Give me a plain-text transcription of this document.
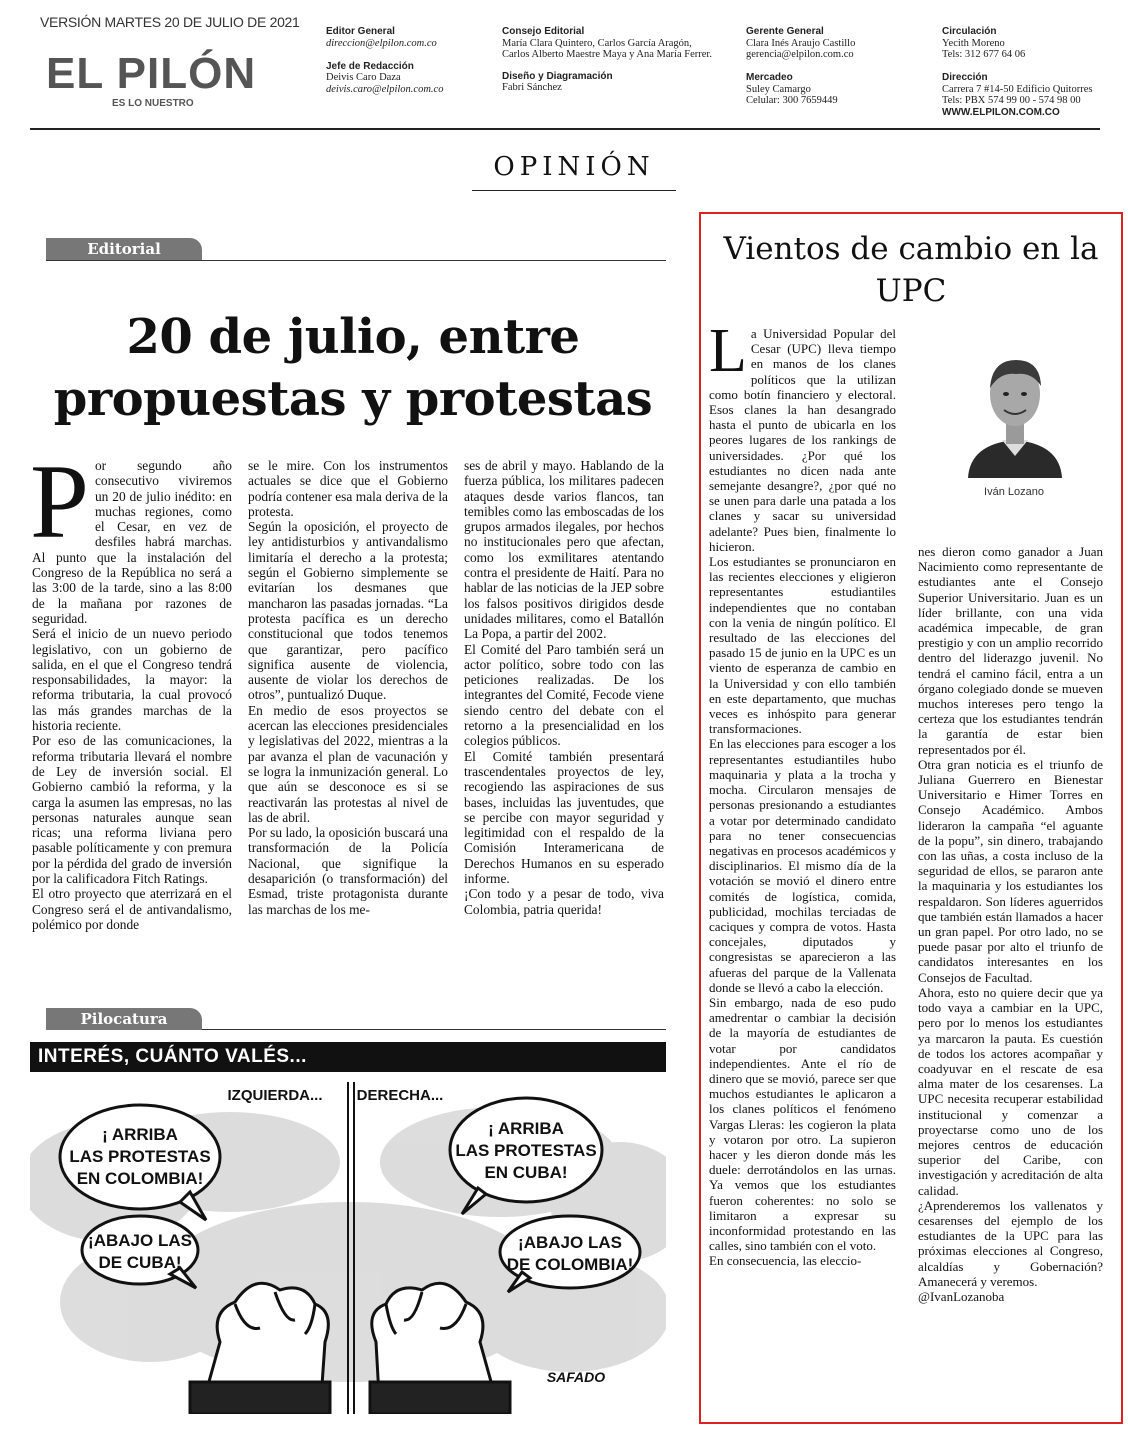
VERSIÓN MARTES 20 DE JULIO DE 2021
EL PILÓN
ES LO NUESTRO
Editor General
direccion@elpilon.com.co

Jefe de Redacción
Deivis Caro Daza
deivis.caro@elpilon.com.co
Consejo Editorial
María Clara Quintero, Carlos García Aragón, Carlos Alberto Maestre Maya y Ana María Ferrer.

Diseño y Diagramación
Fabri Sánchez
Gerente General
Clara Inés Araujo Castillo
gerencia@elpilon.com.co

Mercadeo
Suley Camargo
Celular: 300 7659449
Circulación
Yecith Moreno
Tels: 312 677 64 06

Dirección
Carrera 7 #14-50 Edificio Quitorres
Tels: PBX 574 99 00 - 574 98 00
WWW.ELPILON.COM.CO
OPINIÓN
Editorial
20 de julio, entre propuestas y protestas
P or segundo año consecutivo viviremos un 20 de julio inédito: en muchas regiones, como el Cesar, en vez de desfiles habrá marchas. Al punto que la instalación del Congreso de la República no será a las 3:00 de la tarde, sino a las 8:00 de la mañana por razones de seguridad.

Será el inicio de un nuevo periodo legislativo, con un gobierno de salida, en el que el Congreso tendrá responsabilidades, la mayor: la reforma tributaria, la cual provocó las más grandes marchas de la historia reciente.

Por eso de las comunicaciones, la reforma tributaria llevará el nombre de Ley de inversión social. El Gobierno cambió la reforma, y la carga la asumen las empresas, no las personas naturales aunque sean ricas; una reforma liviana pero pasable políticamente y con premura por la pérdida del grado de inversión por la calificadora Fitch Ratings.

El otro proyecto que aterrizará en el Congreso será el de antivandalismo, polémico por donde

se le mire. Con los instrumentos actuales se dice que el Gobierno podría contener esa mala deriva de la protesta.

Según la oposición, el proyecto de ley antidisturbios y antivandalismo limitaría el derecho a la protesta; según el Gobierno simplemente se evitarían los desmanes que mancharon las pasadas jornadas. “La protesta pacífica es un derecho constitucional que todos tenemos que garantizar, pero pacífico significa ausente de violencia, ausente de violar los derechos de otros”, puntualizó Duque.

En medio de esos proyectos se acercan las elecciones presidenciales y legislativas del 2022, mientras a la par avanza el plan de vacunación y se logra la inmunización general. Lo que aún se desconoce es si se reactivarán las protestas al nivel de las de abril.

Por su lado, la oposición buscará una transformación de la Policía Nacional, que signifique la desaparición (o transformación) del Esmad, triste protagonista durante las marchas de los me-

ses de abril y mayo. Hablando de la fuerza pública, los militares padecen ataques desde varios flancos, tan temibles como las emboscadas de los grupos armados ilegales, por hechos no institucionales pero que afectan, como los exmilitares atentando contra el presidente de Haití. Para no hablar de las noticias de la JEP sobre los falsos positivos dirigidos desde unidades militares, como el Batallón La Popa, a partir del 2002.

El Comité del Paro también será un actor político, sobre todo con las peticiones realizadas. De los integrantes del Comité, Fecode viene siendo centro del debate con el retorno a la presencialidad en los colegios públicos.

El Comité también presentará trascendentales proyectos de ley, recogiendo las aspiraciones de sus bases, incluidas las juventudes, que se percibe con mayor seguridad y legitimidad con el respaldo de la Comisión Interamericana de Derechos Humanos en su esperado informe.

¡Con todo y a pesar de todo, viva Colombia, patria querida!

Pilocatura
IZQUIERDA... DERECHA...
¡ ARRIBA
LAS PROTESTAS
EN COLOMBIA!
¡ABAJO LAS
DE CUBA!
¡ ARRIBA
LAS PROTESTAS
EN CUBA!
¡ABAJO LAS
DE COLOMBIA!
SAFADO
INTERÉS, CUÁNTO VALÉS...
Vientos de cambio en la UPC
Iván Lozano
L a Universidad Popular del Cesar (UPC) lleva tiempo en manos de los clanes políticos que la utilizan como botín financiero y electoral. Esos clanes la han desangrado hasta el punto de ubicarla en los peores lugares de los rankings de universidades. ¿Por qué los estudiantes no dicen nada ante semejante desangre?, ¿por qué no se unen para darle una patada a los clanes y sacar su universidad adelante? Pues bien, finalmente lo hicieron.

Los estudiantes se pronunciaron en las recientes elecciones y eligieron representantes estudiantiles independientes que no contaban con la venia de ningún político. El resultado de las elecciones del pasado 15 de junio en la UPC es un viento de esperanza de cambio en la Universidad y con ello también en este departamento, que muchas veces es inhóspito para generar transformaciones.

En las elecciones para escoger a los representantes estudiantiles hubo maquinaria y plata a la trocha y mocha. Circularon mensajes de personas presionando a estudiantes a votar por determinado candidato para no tener consecuencias negativas en procesos académicos y disciplinarios. El mismo día de la votación se movió el dinero entre comités de logística, comida, publicidad, mochilas terciadas de caciques y compra de votos. Hasta concejales, diputados y congresistas se aparecieron a las afueras del parque de la Vallenata donde se llevó a cabo la elección.

Sin embargo, nada de eso pudo amedrentar o cambiar la decisión de la mayoría de estudiantes de votar por candidatos independientes. Ante el río de dinero que se movió, parece ser que muchos estudiantes le aplicaron a los clanes políticos el fenómeno Vargas Lleras: les cogieron la plata y votaron por otro. La supieron hacer y les dieron donde más les duele: derrotándolos en las urnas. Ya vemos que los estudiantes fueron coherentes: no solo se limitaron a expresar su inconformidad protestando en las calles, sino también con el voto.

En consecuencia, las eleccio-

nes dieron como ganador a Juan Nacimiento como representante de estudiantes ante el Consejo Superior Universitario. Juan es un líder brillante, con una vida académica impecable, de gran prestigio y con un amplio recorrido dentro del liderazgo juvenil. No tendrá el camino fácil, entra a un órgano colegiado donde se mueven muchos intereses pero tengo la certeza que los estudiantes tendrán la garantía de estar bien representados por él.

Otra gran noticia es el triunfo de Juliana Guerrero en Bienestar Universitario e Himer Torres en Consejo Académico. Ambos lideraron la campaña “el aguante de la popu”, sin dinero, trabajando con las uñas, a costa incluso de la seguridad de ellos, se pararon ante la maquinaria y los estudiantes los respaldaron. Son líderes aguerridos que también están llamados a hacer un gran papel. Por otro lado, no se puede pasar por alto el triunfo de candidatos interesantes en los Consejos de Facultad.

Ahora, esto no quiere decir que ya todo vaya a cambiar en la UPC, pero por lo menos los estudiantes ya marcaron la pauta. Es cuestión de todos los actores acompañar y coadyuvar en el rescate de esa alma mater de los cesarenses. La UPC necesita recuperar estabilidad institucional y comenzar a proyectarse como uno de los mejores centros de educación superior del Caribe, con investigación y acreditación de alta calidad.

¿Aprenderemos los vallenatos y cesarenses del ejemplo de los estudiantes de la UPC para las próximas elecciones al Congreso, alcaldías y Gobernación? Amanecerá y veremos.

@IvanLozanoba
